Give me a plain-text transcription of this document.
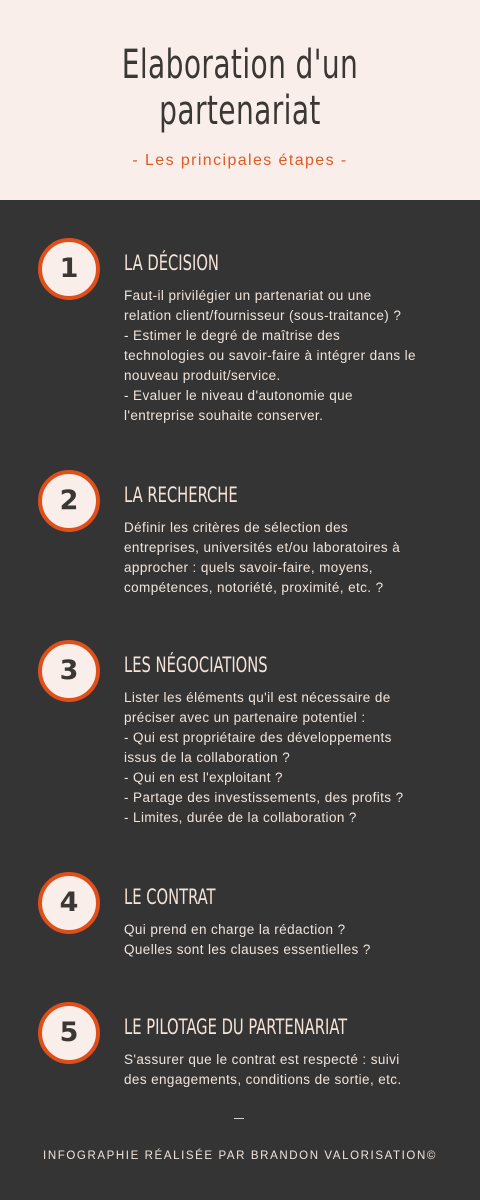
Elaboration d'un
partenariat
- Les principales étapes -
1	LA DÉCISION
Faut-il privilégier un partenariat ou une
relation client/fournisseur (sous-traitance) ?
- Estimer le degré de maîtrise des
technologies ou savoir-faire à intégrer dans le
nouveau produit/service.
- Evaluer le niveau d'autonomie que
l'entreprise souhaite conserver.
2	LA RECHERCHE
Définir les critères de sélection des
entreprises, universités et/ou laboratoires à
approcher : quels savoir-faire, moyens,
compétences, notoriété, proximité, etc. ?
3	LES NÉGOCIATIONS
Lister les éléments qu'il est nécessaire de
préciser avec un partenaire potentiel :
- Qui est propriétaire des développements
issus de la collaboration ?
- Qui en est l'exploitant ?
- Partage des investissements, des profits ?
- Limites, durée de la collaboration ?
4	LE CONTRAT
Qui prend en charge la rédaction ?
Quelles sont les clauses essentielles ?
5	LE PILOTAGE DU PARTENARIAT
S'assurer que le contrat est respecté : suivi
des engagements, conditions de sortie, etc.
INFOGRAPHIE RÉALISÉE PAR BRANDON VALORISATION©
